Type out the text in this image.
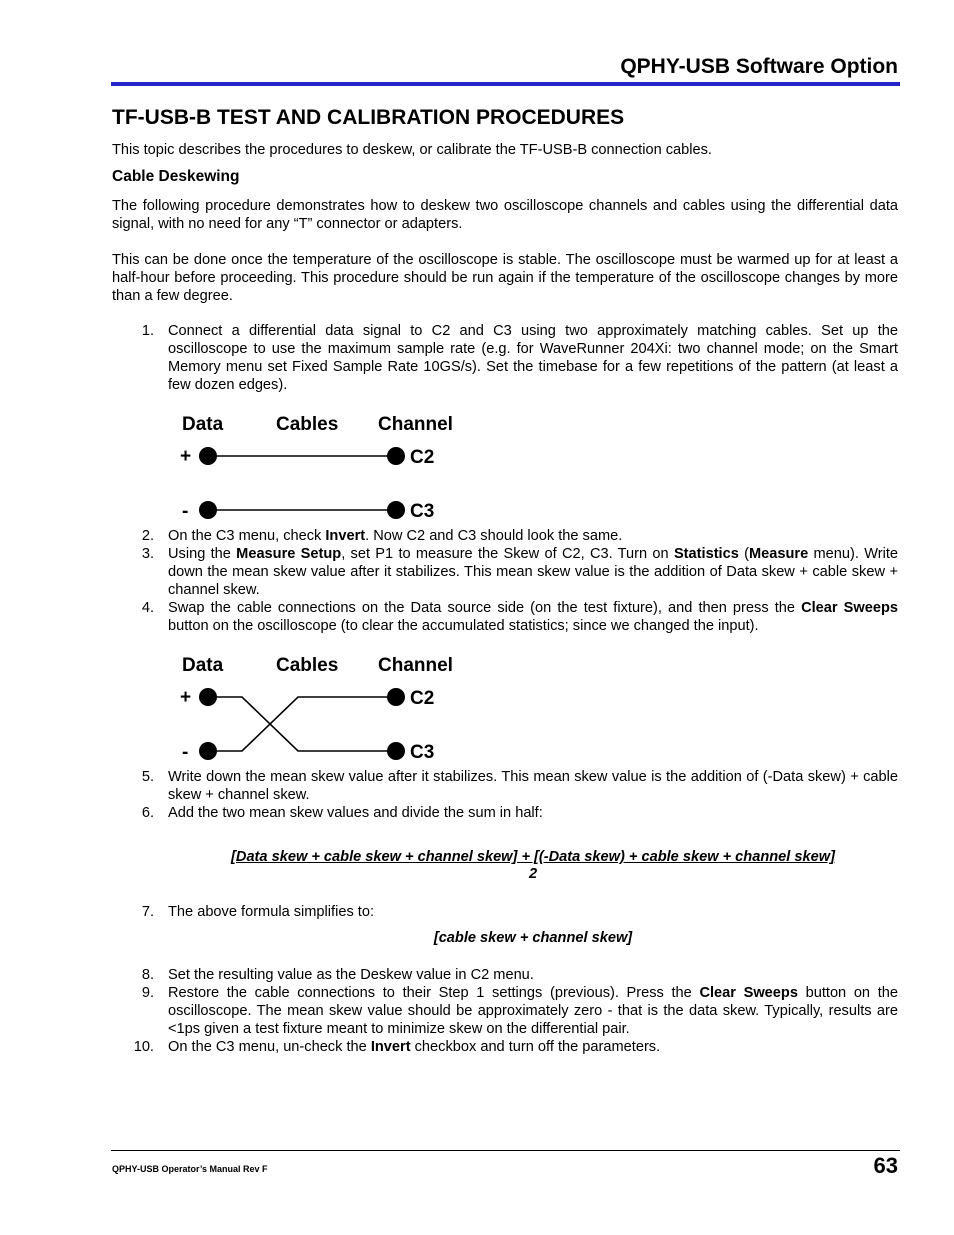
QPHY-USB Software Option
TF-USB-B TEST AND CALIBRATION PROCEDURES
This topic describes the procedures to deskew, or calibrate the TF-USB-B connection cables.
Cable Deskewing
The following procedure demonstrates how to deskew two oscilloscope channels and cables using the differential data signal, with no need for any “T” connector or adapters.
This can be done once the temperature of the oscilloscope is stable. The oscilloscope must be warmed up for at least a half-hour before proceeding. This procedure should be run again if the temperature of the oscilloscope changes by more than a few degree.
1. Connect a differential data signal to C2 and C3 using two approximately matching cables. Set up the oscilloscope to use the maximum sample rate (e.g. for WaveRunner 204Xi: two channel mode; on the Smart Memory menu set Fixed Sample Rate 10GS/s). Set the timebase for a few repetitions of the pattern (at least a few dozen edges).
Data	Cables Channel
+	C2
-	C3
2. On the C3 menu, check Invert. Now C2 and C3 should look the same.
3. Using the Measure Setup, set P1 to measure the Skew of C2, C3. Turn on Statistics (Measure menu). Write down the mean skew value after it stabilizes. This mean skew value is the addition of Data skew + cable skew + channel skew.
4. Swap the cable connections on the Data source side (on the test fixture), and then press the Clear Sweeps button on the oscilloscope (to clear the accumulated statistics; since we changed the input).
Data	Cables Channel
+	C2
-	C3
5. Write down the mean skew value after it stabilizes. This mean skew value is the addition of (-Data skew) + cable skew + channel skew.
6. Add the two mean skew values and divide the sum in half:
[Data skew + cable skew + channel skew] + [(-Data skew) + cable skew + channel skew]
2
7. The above formula simplifies to:
[cable skew + channel skew]
8. Set the resulting value as the Deskew value in C2 menu.
9. Restore the cable connections to their Step 1 settings (previous). Press the Clear Sweeps button on the oscilloscope. The mean skew value should be approximately zero - that is the data skew. Typically, results are <1ps given a test fixture meant to minimize skew on the differential pair.
10. On the C3 menu, un-check the Invert checkbox and turn off the parameters.
QPHY-USB Operator’s Manual Rev F	63
